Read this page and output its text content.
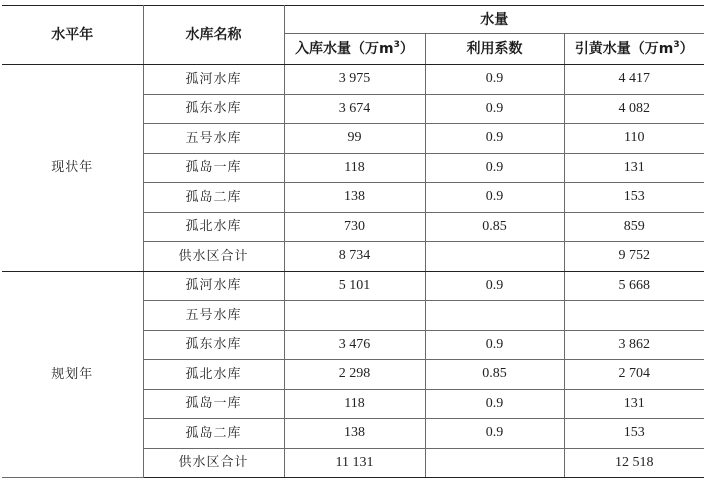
水平年	水库名称	水量		
		入库水量（万$m^3$）	利用系数	引黄水量（万$m^3$）
现状年	孤河水库	3 975	0.9	4 417
	孤东水库	3 674	0.9	4 082
	五号水库	99	0.9	110
	孤岛一库	118	0.9	131
	孤岛二库	138	0.9	153
	孤北水库	730	0.85	859
	供水区合计	8 734		9 752
规划年	孤河水库	5 101	0.9	5 668
	五号水库			
	孤东水库	3 476	0.9	3 862
	孤北水库	2 298	0.85	2 704
	孤岛一库	118	0.9	131
	孤岛二库	138	0.9	153
	供水区合计	11 131		12 518
